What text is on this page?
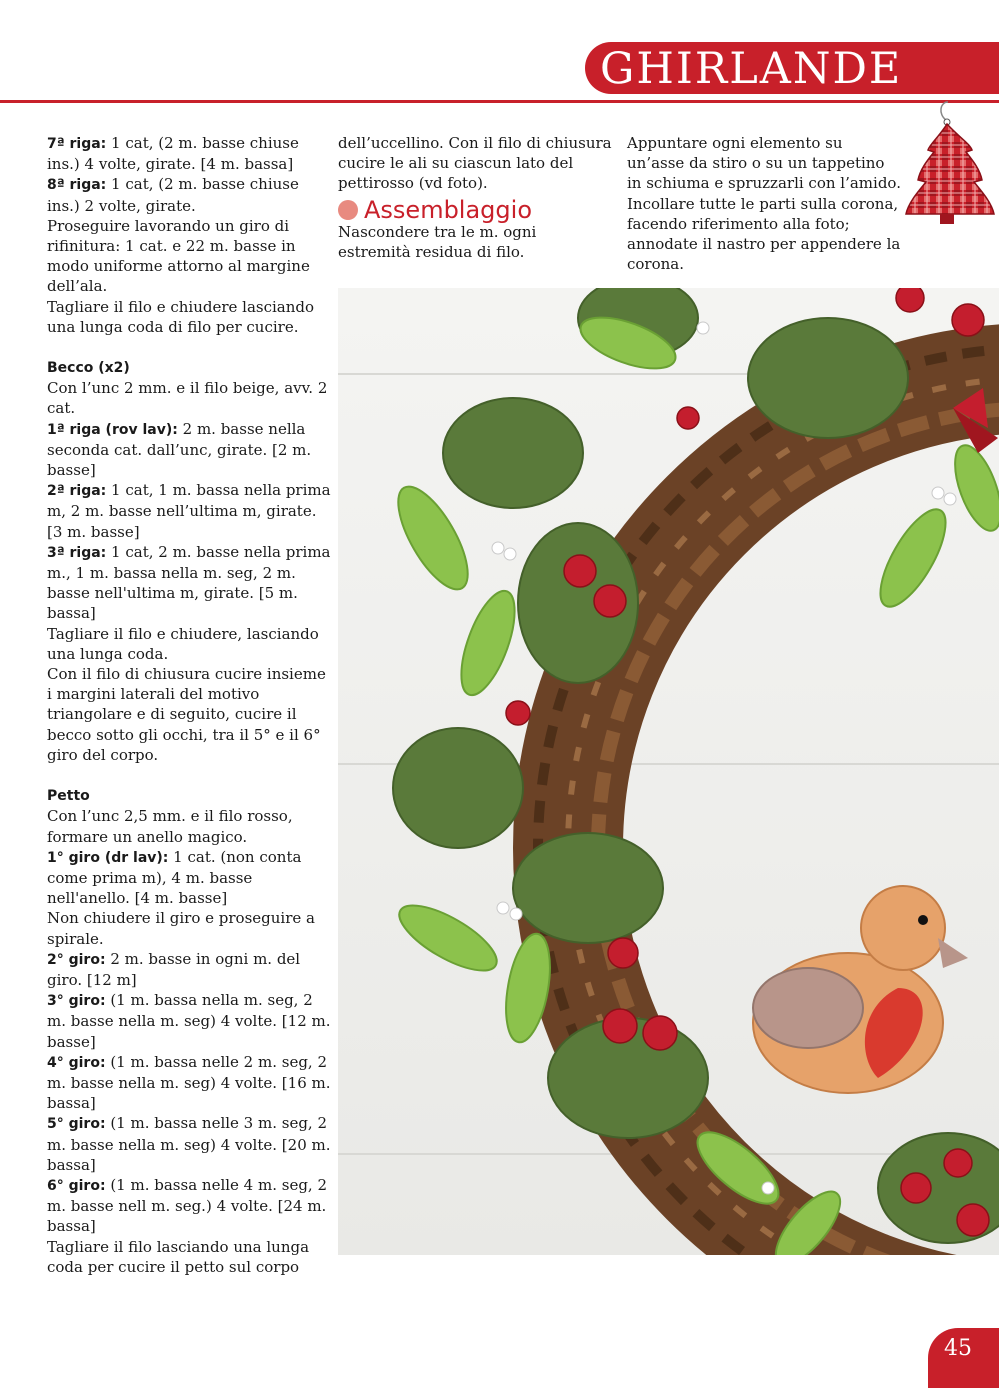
GHIRLANDE

7ª riga: 1 cat, (2 m. basse chiuse ins.) 4 volte, girate. [4 m. bassa]

8ª riga: 1 cat, (2 m. basse chiuse ins.) 2 volte, girate.

Proseguire lavorando un giro di rifinitura: 1 cat. e 22 m. basse in modo uniforme attorno al margine dell’ala.

Tagliare il filo e chiudere lasciando una lunga coda di filo per cucire.

Becco (x2)

Con l’unc 2 mm. e il filo beige, avv. 2 cat.

1ª riga (rov lav): 2 m. basse nella seconda cat. dall’unc, girate. [2 m. basse]

2ª riga: 1 cat, 1 m. bassa nella prima m, 2 m. basse nell’ultima m, girate. [3 m. basse]

3ª riga: 1 cat, 2 m. basse nella prima m., 1 m. bassa nella m. seg, 2 m. basse nell'ultima m, girate. [5 m. bassa]

Tagliare il filo e chiudere, lasciando una lunga coda.

Con il filo di chiusura cucire insieme i margini laterali del motivo triangolare e di seguito, cucire il becco sotto gli occhi, tra il 5° e il 6° giro del corpo.

Petto

Con l’unc 2,5 mm. e il filo rosso, formare un anello magico.

1° giro (dr lav): 1 cat. (non conta come prima m), 4 m. basse nell'anello. [4 m. basse]

Non chiudere il giro e proseguire a spirale.

2° giro: 2 m. basse in ogni m. del giro. [12 m]

3° giro: (1 m. bassa nella m. seg, 2 m. basse nella m. seg) 4 volte. [12 m. basse]

4° giro: (1 m. bassa nelle 2 m. seg, 2 m. basse nella m. seg) 4 volte. [16 m. bassa]

5° giro: (1 m. bassa nelle 3 m. seg, 2 m. basse nella m. seg) 4 volte. [20 m. bassa]

6° giro: (1 m. bassa nelle 4 m. seg, 2 m. basse nell m. seg.) 4 volte. [24 m. bassa]

Tagliare il filo lasciando una lunga coda per cucire il petto sul corpo

dell’uccellino. Con il filo di chiusura cucire le ali su ciascun lato del pettirosso (vd foto).

Assemblaggio

Nascondere tra le m. ogni estremità residua di filo.

Appuntare ogni elemento su un’asse da stiro o su un tappetino in schiuma e spruzzarli con l’amido. Incollare tutte le parti sulla corona, facendo riferimento alla foto; annodate il nastro per appendere la corona.

45
